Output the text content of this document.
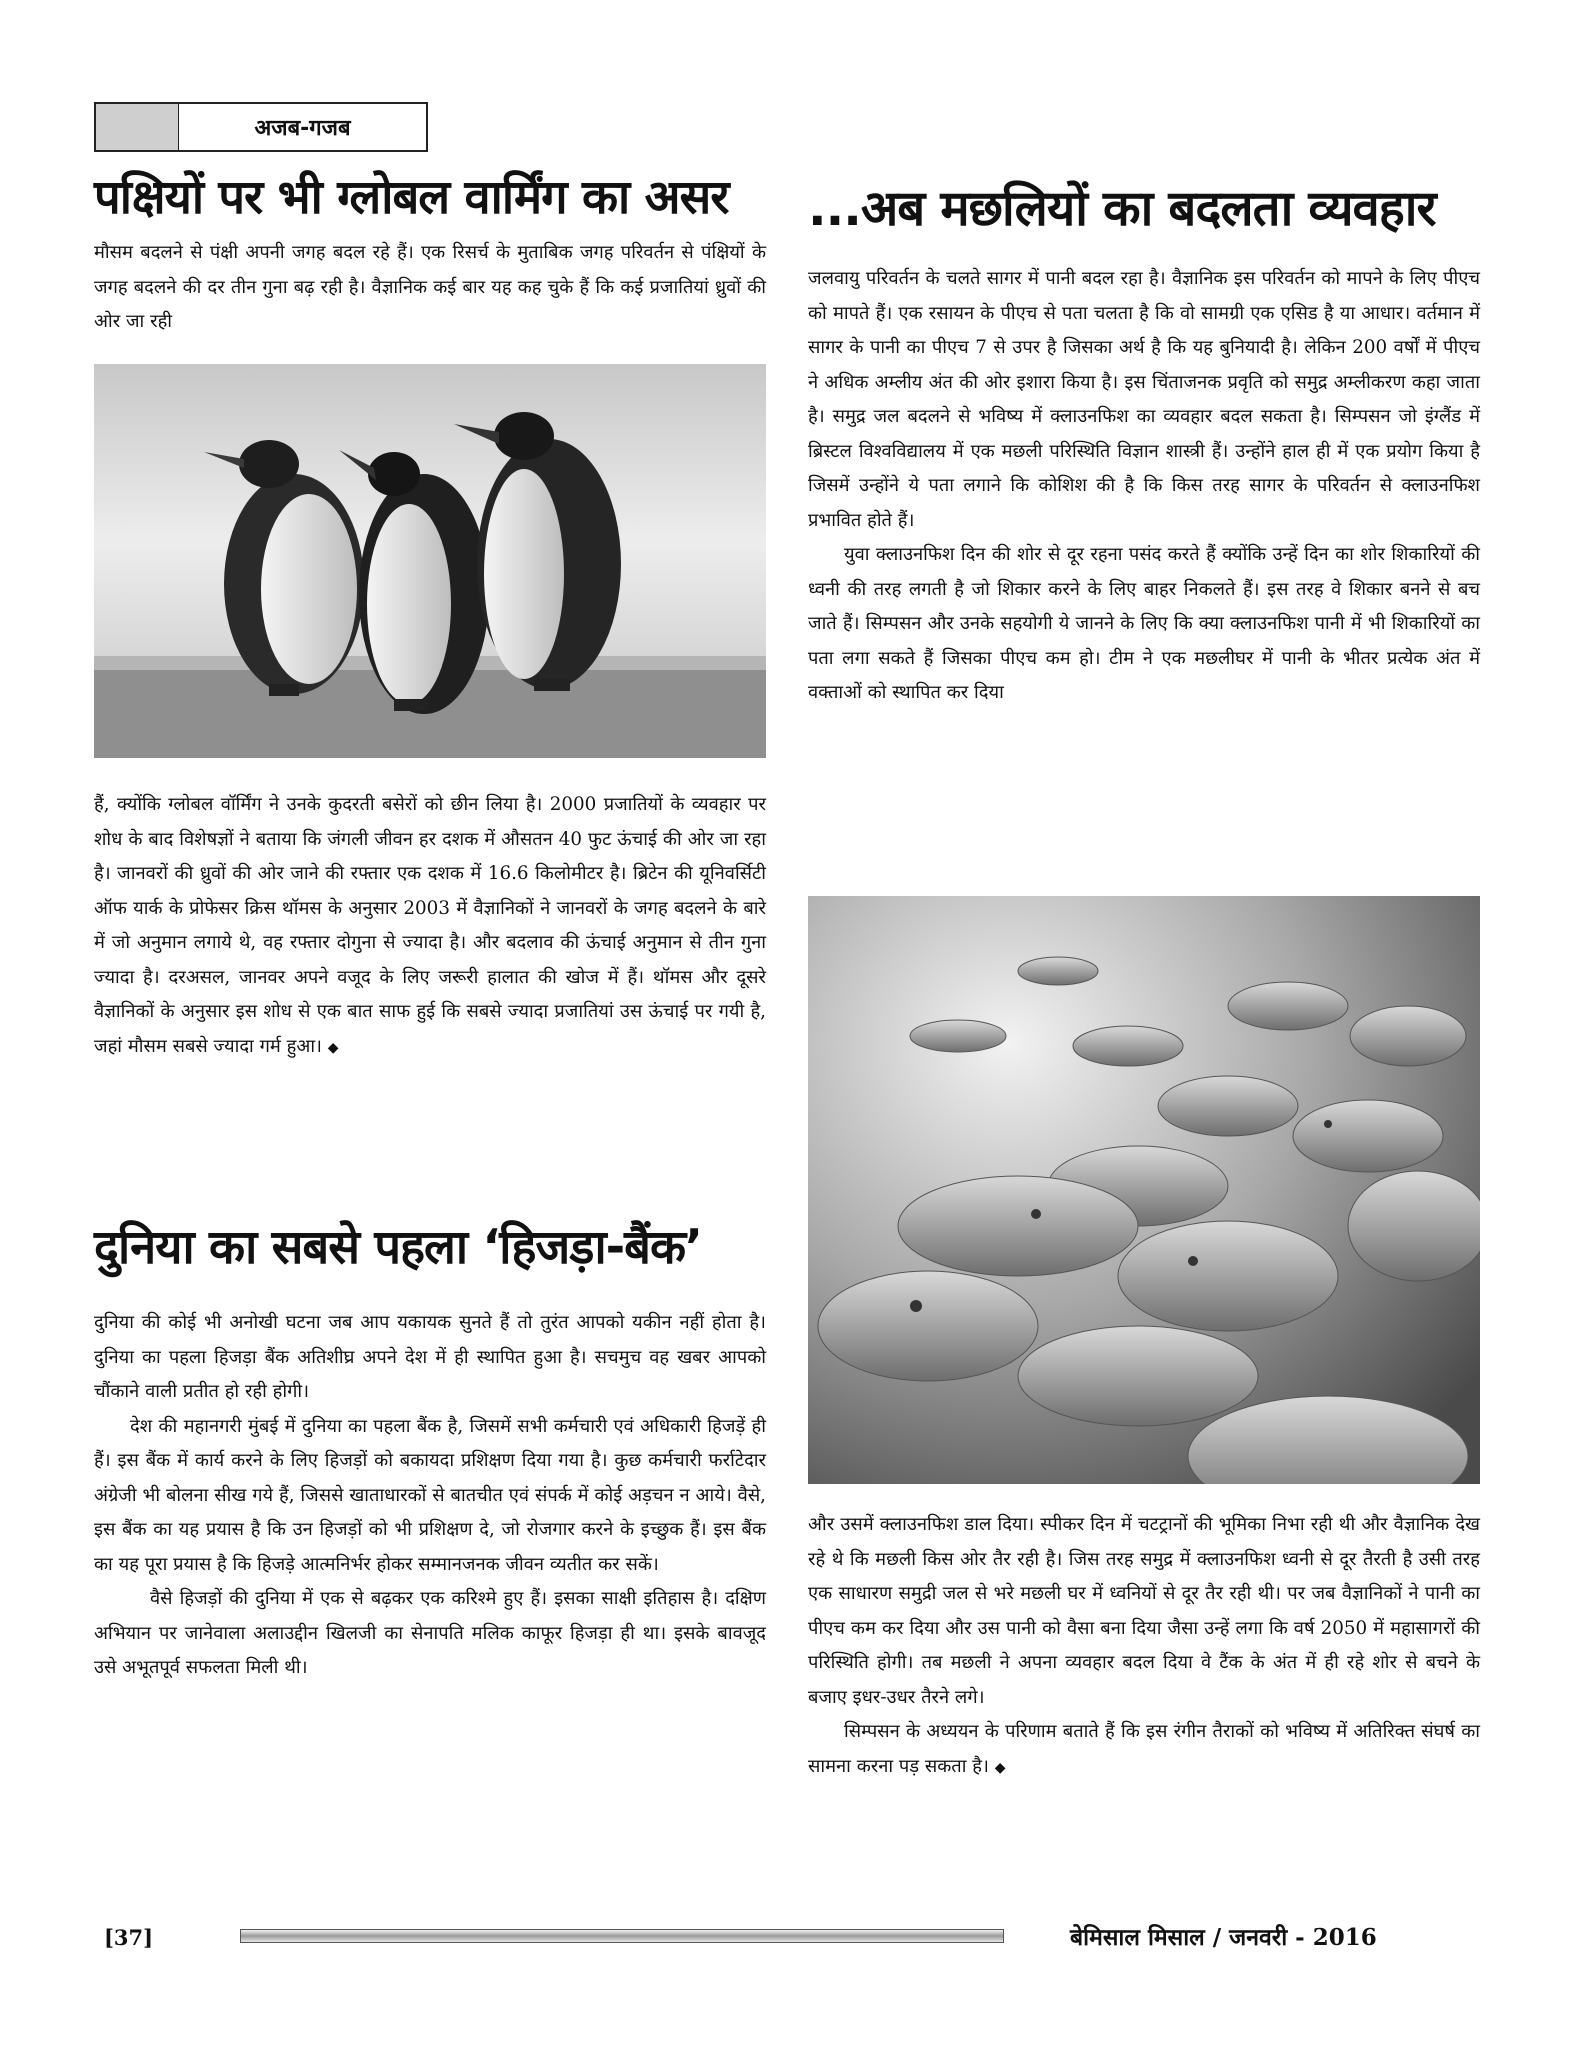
अजब-गजब
पक्षियों पर भी ग्लोबल वार्मिंग का असर

मौसम बदलने से पंक्षी अपनी जगह बदल रहे हैं। एक रिसर्च के मुताबिक जगह परिवर्तन से पंक्षियों के जगह बदलने की दर तीन गुना बढ़ रही है। वैज्ञानिक कई बार यह कह चुके हैं कि कई प्रजातियां ध्रुवों की ओर जा रही

हैं, क्योंकि ग्लोबल वॉर्मिंग ने उनके कुदरती बसेरों को छीन लिया है। 2000 प्रजातियों के व्यवहार पर शोध के बाद विशेषज्ञों ने बताया कि जंगली जीवन हर दशक में औसतन 40 फुट ऊंचाई की ओर जा रहा है। जानवरों की ध्रुवों की ओर जाने की रफ्तार एक दशक में 16.6 किलोमीटर है। ब्रिटेन की यूनिवर्सिटी ऑफ यार्क के प्रोफेसर क्रिस थॉमस के अनुसार 2003 में वैज्ञानिकों ने जानवरों के जगह बदलने के बारे में जो अनुमान लगाये थे, वह रफ्तार दोगुना से ज्यादा है। और बदलाव की ऊंचाई अनुमान से तीन गुना ज्यादा है। दरअसल, जानवर अपने वजूद के लिए जरूरी हालात की खोज में हैं। थॉमस और दूसरे वैज्ञानिकों के अनुसार इस शोध से एक बात साफ हुई कि सबसे ज्यादा प्रजातियां उस ऊंचाई पर गयी है, जहां मौसम सबसे ज्यादा गर्म हुआ। ◆

दुनिया का सबसे पहला ‘हिजड़ा-बैंक’

दुनिया की कोई भी अनोखी घटना जब आप यकायक सुनते हैं तो तुरंत आपको यकीन नहीं होता है। दुनिया का पहला हिजड़ा बैंक अतिशीघ्र अपने देश में ही स्थापित हुआ है। सचमुच वह खबर आपको चौंकाने वाली प्रतीत हो रही होगी।

देश की महानगरी मुंबई में दुनिया का पहला बैंक है, जिसमें सभी कर्मचारी एवं अधिकारी हिजड़ें ही हैं। इस बैंक में कार्य करने के लिए हिजड़ों को बकायदा प्रशिक्षण दिया गया है। कुछ कर्मचारी फर्राटेदार अंग्रेजी भी बोलना सीख गये हैं, जिससे खाताधारकों से बातचीत एवं संपर्क में कोई अड़चन न आये। वैसे, इस बैंक का यह प्रयास है कि उन हिजड़ों को भी प्रशिक्षण दे, जो रोजगार करने के इच्छुक हैं। इस बैंक का यह पूरा प्रयास है कि हिजड़े आत्मनिर्भर होकर सम्मानजनक जीवन व्यतीत कर सकें।

वैसे हिजड़ों की दुनिया में एक से बढ़कर एक करिश्मे हुए हैं। इसका साक्षी इतिहास है। दक्षिण अभियान पर जानेवाला अलाउद्दीन खिलजी का सेनापति मलिक काफूर हिजड़ा ही था। इसके बावजूद उसे अभूतपूर्व सफलता मिली थी।

...अब मछलियों का बदलता व्यवहार

जलवायु परिवर्तन के चलते सागर में पानी बदल रहा है। वैज्ञानिक इस परिवर्तन को मापने के लिए पीएच को मापते हैं। एक रसायन के पीएच से पता चलता है कि वो सामग्री एक एसिड है या आधार। वर्तमान में सागर के पानी का पीएच 7 से उपर है जिसका अर्थ है कि यह बुनियादी है। लेकिन 200 वर्षों में पीएच ने अधिक अम्लीय अंत की ओर इशारा किया है। इस चिंताजनक प्रवृति को समुद्र अम्लीकरण कहा जाता है। समुद्र जल बदलने से भविष्य में क्लाउनफिश का व्यवहार बदल सकता है। सिम्पसन जो इंग्लैंड में ब्रिस्टल विश्वविद्यालय में एक मछली परिस्थिति विज्ञान शास्त्री हैं। उन्होंने हाल ही में एक प्रयोग किया है जिसमें उन्होंने ये पता लगाने कि कोशिश की है कि किस तरह सागर के परिवर्तन से क्लाउनफिश प्रभावित होते हैं।

युवा क्लाउनफिश दिन की शोर से दूर रहना पसंद करते हैं क्योंकि उन्हें दिन का शोर शिकारियों की ध्वनी की तरह लगती है जो शिकार करने के लिए बाहर निकलते हैं। इस तरह वे शिकार बनने से बच जाते हैं। सिम्पसन और उनके सहयोगी ये जानने के लिए कि क्या क्लाउनफिश पानी में भी शिकारियों का पता लगा सकते हैं जिसका पीएच कम हो। टीम ने एक मछलीघर में पानी के भीतर प्रत्येक अंत में वक्ताओं को स्थापित कर दिया

और उसमें क्लाउनफिश डाल दिया। स्पीकर दिन में चटट्रानों की भूमिका निभा रही थी और वैज्ञानिक देख रहे थे कि मछली किस ओर तैर रही है। जिस तरह समुद्र में क्लाउनफिश ध्वनी से दूर तैरती है उसी तरह एक साधारण समुद्री जल से भरे मछली घर में ध्वनियों से दूर तैर रही थी। पर जब वैज्ञानिकों ने पानी का पीएच कम कर दिया और उस पानी को वैसा बना दिया जैसा उन्हें लगा कि वर्ष 2050 में महासागरों की परिस्थिति होगी। तब मछली ने अपना व्यवहार बदल दिया वे टैंक के अंत में ही रहे शोर से बचने के बजाए इधर-उधर तैरने लगे।

सिम्पसन के अध्ययन के परिणाम बताते हैं कि इस रंगीन तैराकों को भविष्य में अतिरिक्त संघर्ष का सामना करना पड़ सकता है। ◆

[37]	बेमिसाल मिसाल / जनवरी - 2016
